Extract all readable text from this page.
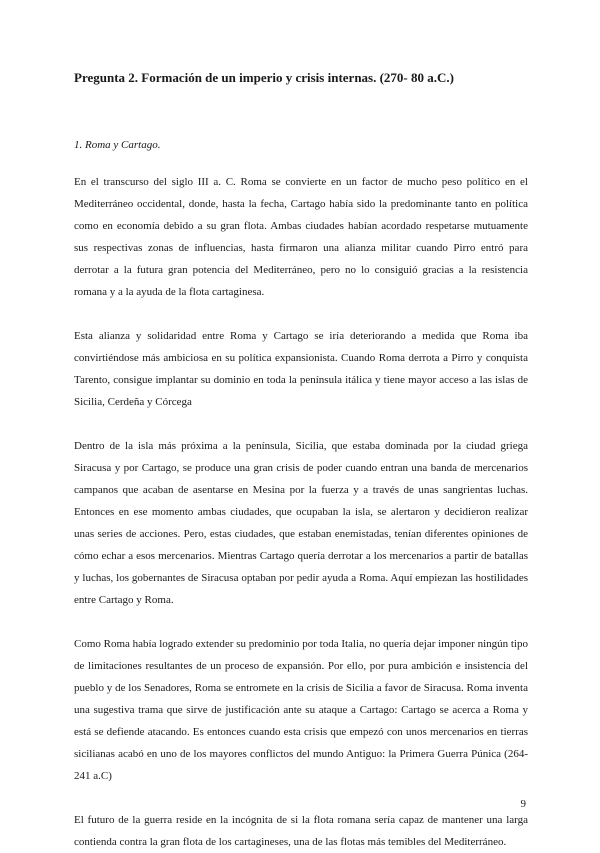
Pregunta 2. Formación de un imperio y crisis internas. (270- 80 a.C.)

1. Roma y Cartago.

En el transcurso del siglo III a. C. Roma se convierte en un factor de mucho peso político en el Mediterráneo occidental, donde, hasta la fecha, Cartago había sido la predominante tanto en política como en economía debido a su gran flota. Ambas ciudades habían acordado respetarse mutuamente sus respectivas zonas de influencias, hasta firmaron una alianza militar cuando Pirro entró para derrotar a la futura gran potencia del Mediterráneo, pero no lo consiguió gracias a la resistencia romana y a la ayuda de la flota cartaginesa.

Esta alianza y solidaridad entre Roma y Cartago se iría deteriorando a medida que Roma iba convirtiéndose más ambiciosa en su política expansionista. Cuando Roma derrota a Pirro y conquista Tarento, consigue implantar su dominio en toda la península itálica y tiene mayor acceso a las islas de Sicilia, Cerdeña y Córcega

Dentro de la isla más próxima a la península, Sicilia, que estaba dominada por la ciudad griega Siracusa y por Cartago, se produce una gran crisis de poder cuando entran una banda de mercenarios campanos que acaban de asentarse en Mesina por la fuerza y a través de unas sangrientas luchas. Entonces en ese momento ambas ciudades, que ocupaban la isla, se alertaron y decidieron realizar unas series de acciones. Pero, estas ciudades, que estaban enemistadas, tenían diferentes opiniones de cómo echar a esos mercenarios. Mientras Cartago quería derrotar a los mercenarios a partir de batallas y luchas, los gobernantes de Siracusa optaban por pedir ayuda a Roma. Aquí empiezan las hostilidades entre Cartago y Roma.

Como Roma había logrado extender su predominio por toda Italia, no quería dejar imponer ningún tipo de limitaciones resultantes de un proceso de expansión. Por ello, por pura ambición e insistencia del pueblo y de los Senadores, Roma se entromete en la crisis de Sicilia a favor de Siracusa. Roma inventa una sugestiva trama que sirve de justificación ante su ataque a Cartago: Cartago se acerca a Roma y está se defiende atacando. Es entonces cuando esta crisis que empezó con unos mercenarios en tierras sicilianas acabó en uno de los mayores conflictos del mundo Antiguo: la Primera Guerra Púnica (264-241 a.C)

El futuro de la guerra reside en la incógnita de si la flota romana sería capaz de mantener una larga contienda contra la gran flota de los cartagineses, una de las flotas más temibles del Mediterráneo.

9
